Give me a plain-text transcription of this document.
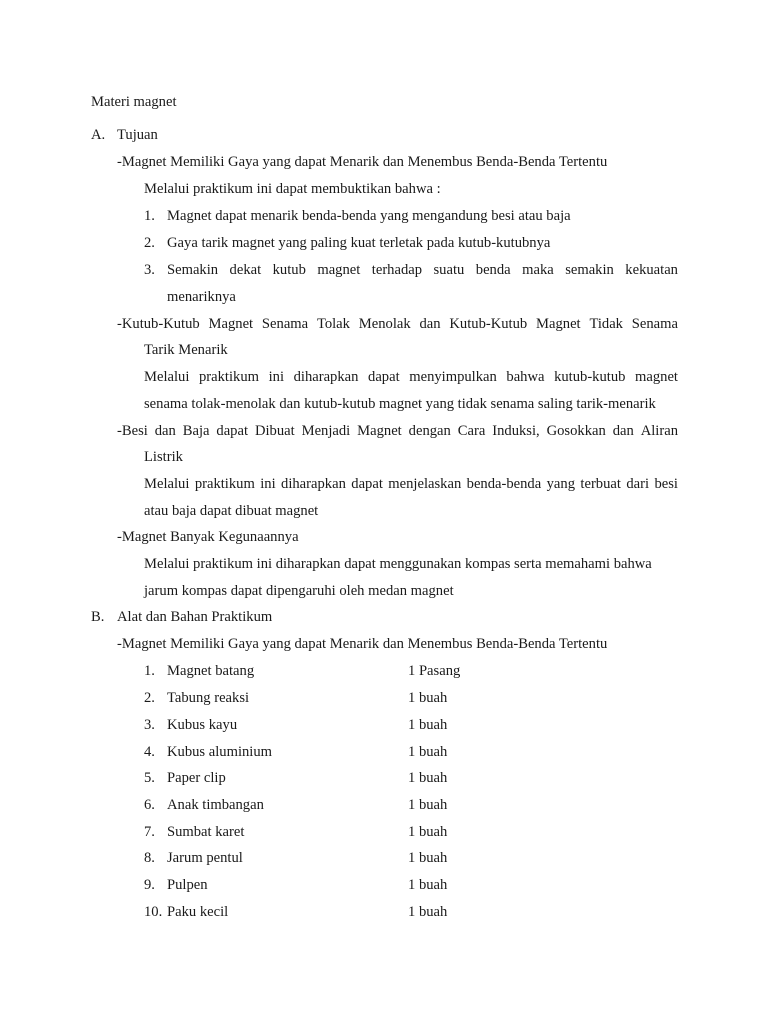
Materi magnet
A. Tujuan
-Magnet Memiliki Gaya yang dapat Menarik dan Menembus Benda-Benda Tertentu
Melalui praktikum ini dapat membuktikan bahwa :
1. Magnet dapat menarik benda-benda yang mengandung besi atau baja
2. Gaya tarik magnet yang paling kuat terletak pada kutub-kutubnya
3. Semakin dekat kutub magnet terhadap suatu benda maka semakin kekuatan
menariknya
-Kutub-Kutub Magnet Senama Tolak Menolak dan Kutub-Kutub Magnet Tidak Senama
Tarik Menarik
Melalui praktikum ini diharapkan dapat menyimpulkan bahwa kutub-kutub magnet
senama tolak-menolak dan kutub-kutub magnet yang tidak senama saling tarik-menarik
-Besi dan Baja dapat Dibuat Menjadi Magnet dengan Cara Induksi, Gosokkan dan Aliran
Listrik
Melalui praktikum ini diharapkan dapat menjelaskan benda-benda yang terbuat dari besi
atau baja dapat dibuat magnet
-Magnet Banyak Kegunaannya
Melalui praktikum ini diharapkan dapat menggunakan kompas serta memahami bahwa
jarum kompas dapat dipengaruhi oleh medan magnet
B. Alat dan Bahan Praktikum
-Magnet Memiliki Gaya yang dapat Menarik dan Menembus Benda-Benda Tertentu
1. Magnet batang	1 Pasang
2. Tabung reaksi	1 buah
3. Kubus kayu	1 buah
4. Kubus aluminium	1 buah
5. Paper clip	1 buah
6. Anak timbangan	1 buah
7. Sumbat karet	1 buah
8. Jarum pentul	1 buah
9. Pulpen	1 buah
10. Paku kecil	1 buah
